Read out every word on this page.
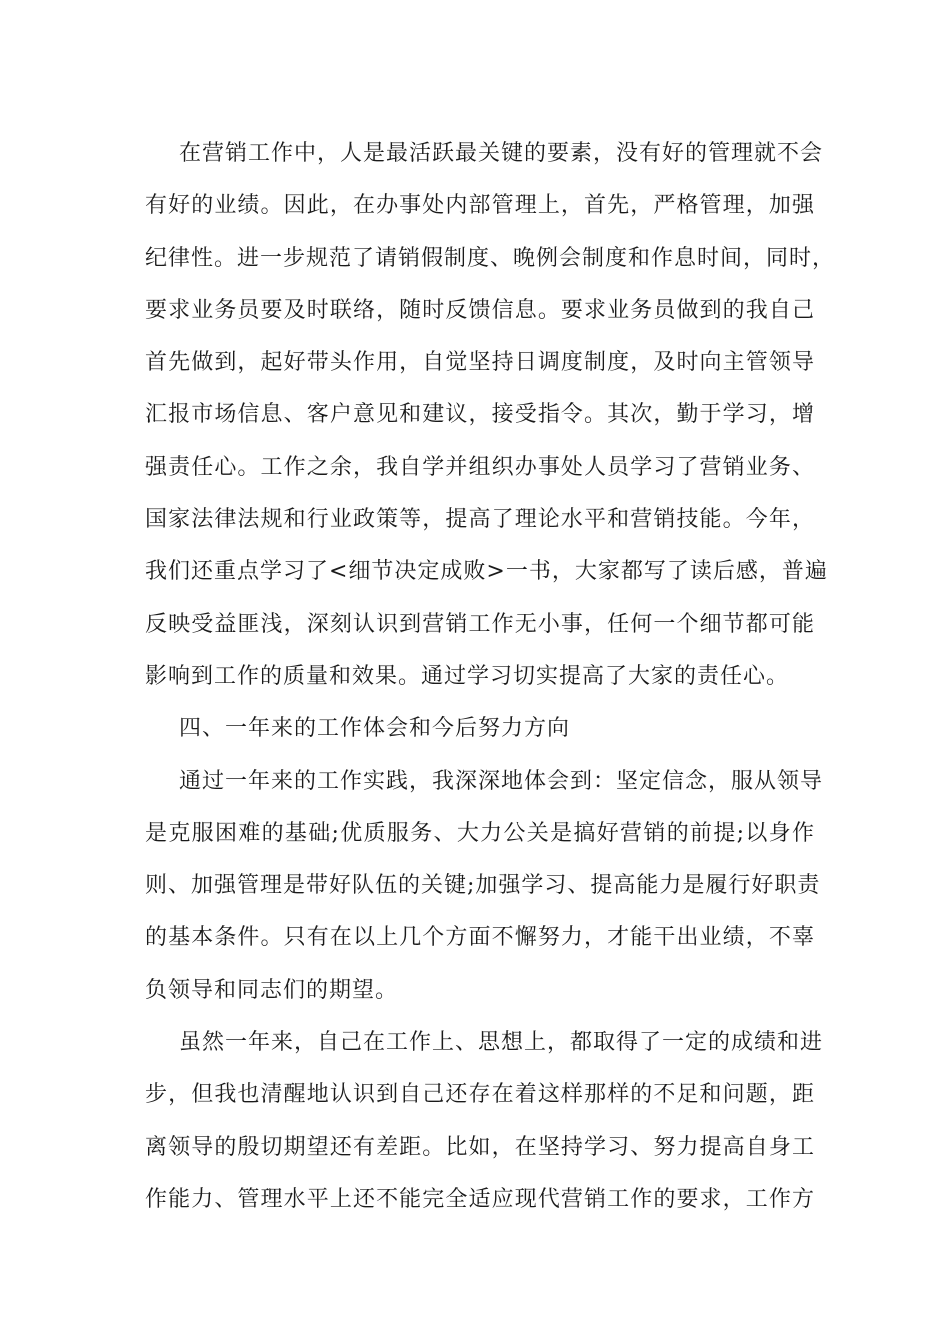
在营销工作中，人是最活跃最关键的要素，没有好的管理就不会
有好的业绩。因此，在办事处内部管理上，首先，严格管理，加强
纪律性。进一步规范了请销假制度、晚例会制度和作息时间，同时，
要求业务员要及时联络，随时反馈信息。要求业务员做到的我自己
首先做到，起好带头作用，自觉坚持日调度制度，及时向主管领导
汇报市场信息、客户意见和建议，接受指令。其次，勤于学习，增
强责任心。工作之余，我自学并组织办事处人员学习了营销业务、
国家法律法规和行业政策等，提高了理论水平和营销技能。今年，
我们还重点学习了<细节决定成败>一书，大家都写了读后感，普遍
反映受益匪浅，深刻认识到营销工作无小事，任何一个细节都可能
影响到工作的质量和效果。通过学习切实提高了大家的责任心。
四、一年来的工作体会和今后努力方向
通过一年来的工作实践，我深深地体会到：坚定信念，服从领导
是克服困难的基础;优质服务、大力公关是搞好营销的前提;以身作
则、加强管理是带好队伍的关键;加强学习、提高能力是履行好职责
的基本条件。只有在以上几个方面不懈努力，才能干出业绩，不辜
负领导和同志们的期望。
虽然一年来，自己在工作上、思想上，都取得了一定的成绩和进
步，但我也清醒地认识到自己还存在着这样那样的不足和问题，距
离领导的殷切期望还有差距。比如，在坚持学习、努力提高自身工
作能力、管理水平上还不能完全适应现代营销工作的要求，工作方
